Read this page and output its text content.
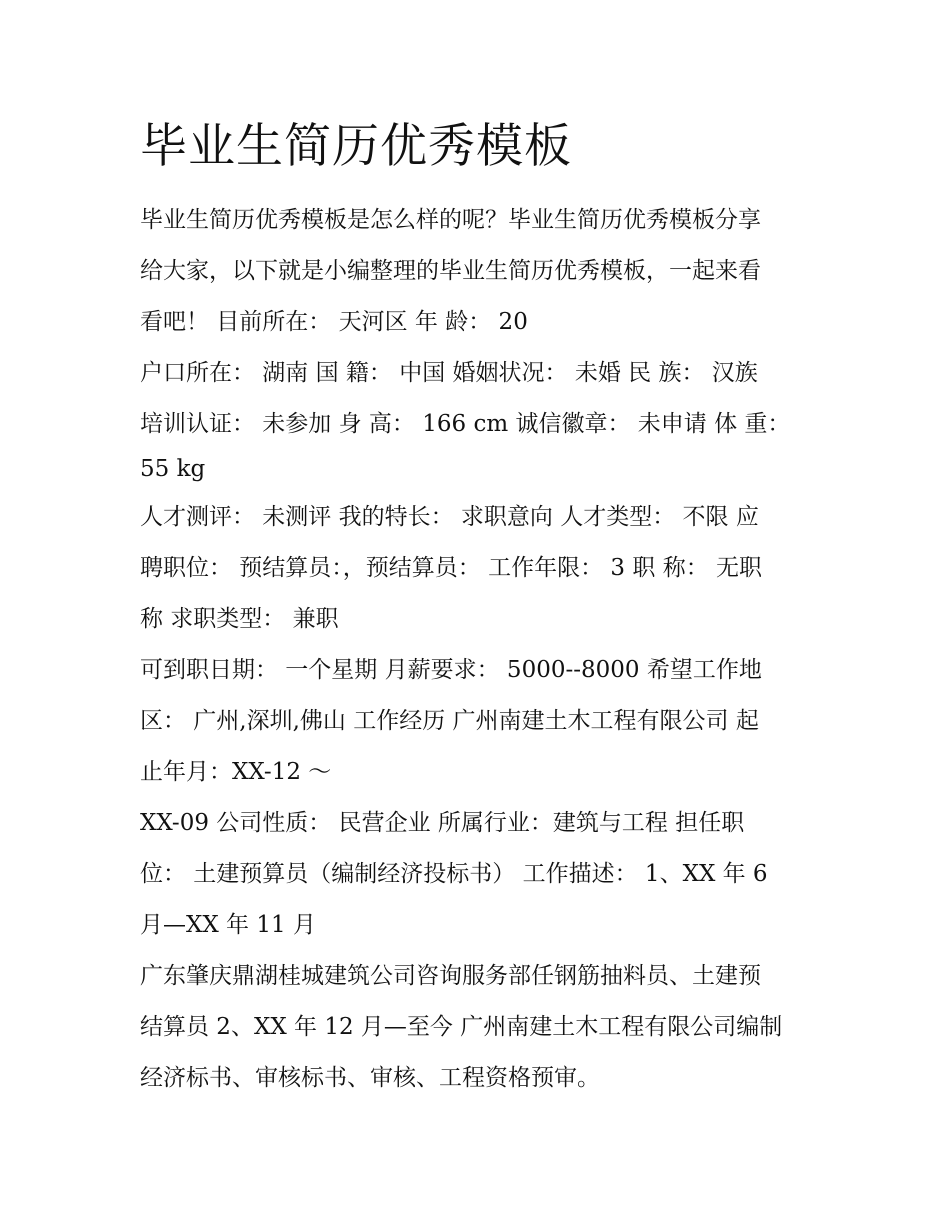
毕业生简历优秀模板

毕业生简历优秀模板是怎么样的呢？毕业生简历优秀模板分享

给大家，以下就是小编整理的毕业生简历优秀模板，一起来看

看吧！ 目前所在： 天河区 年 龄： 20

户口所在： 湖南 国 籍： 中国 婚姻状况： 未婚 民 族： 汉族

培训认证： 未参加 身 高： 166 cm 诚信徽章： 未申请 体 重：

55 kg

人才测评： 未测评 我的特长： 求职意向 人才类型： 不限 应

聘职位： 预结算员：，预结算员： 工作年限： 3 职 称： 无职

称 求职类型： 兼职

可到职日期： 一个星期 月薪要求： 5000--8000 希望工作地

区： 广州,深圳,佛山 工作经历 广州南建土木工程有限公司 起

止年月：XX-12 ～

XX-09 公司性质： 民营企业 所属行业：建筑与工程 担任职

位： 土建预算员（编制经济投标书） 工作描述： 1、XX 年 6

月—XX 年 11 月

广东肇庆鼎湖桂城建筑公司咨询服务部任钢筋抽料员、土建预

结算员 2、XX 年 12 月—至今 广州南建土木工程有限公司编制

经济标书、审核标书、审核、工程资格预审。
